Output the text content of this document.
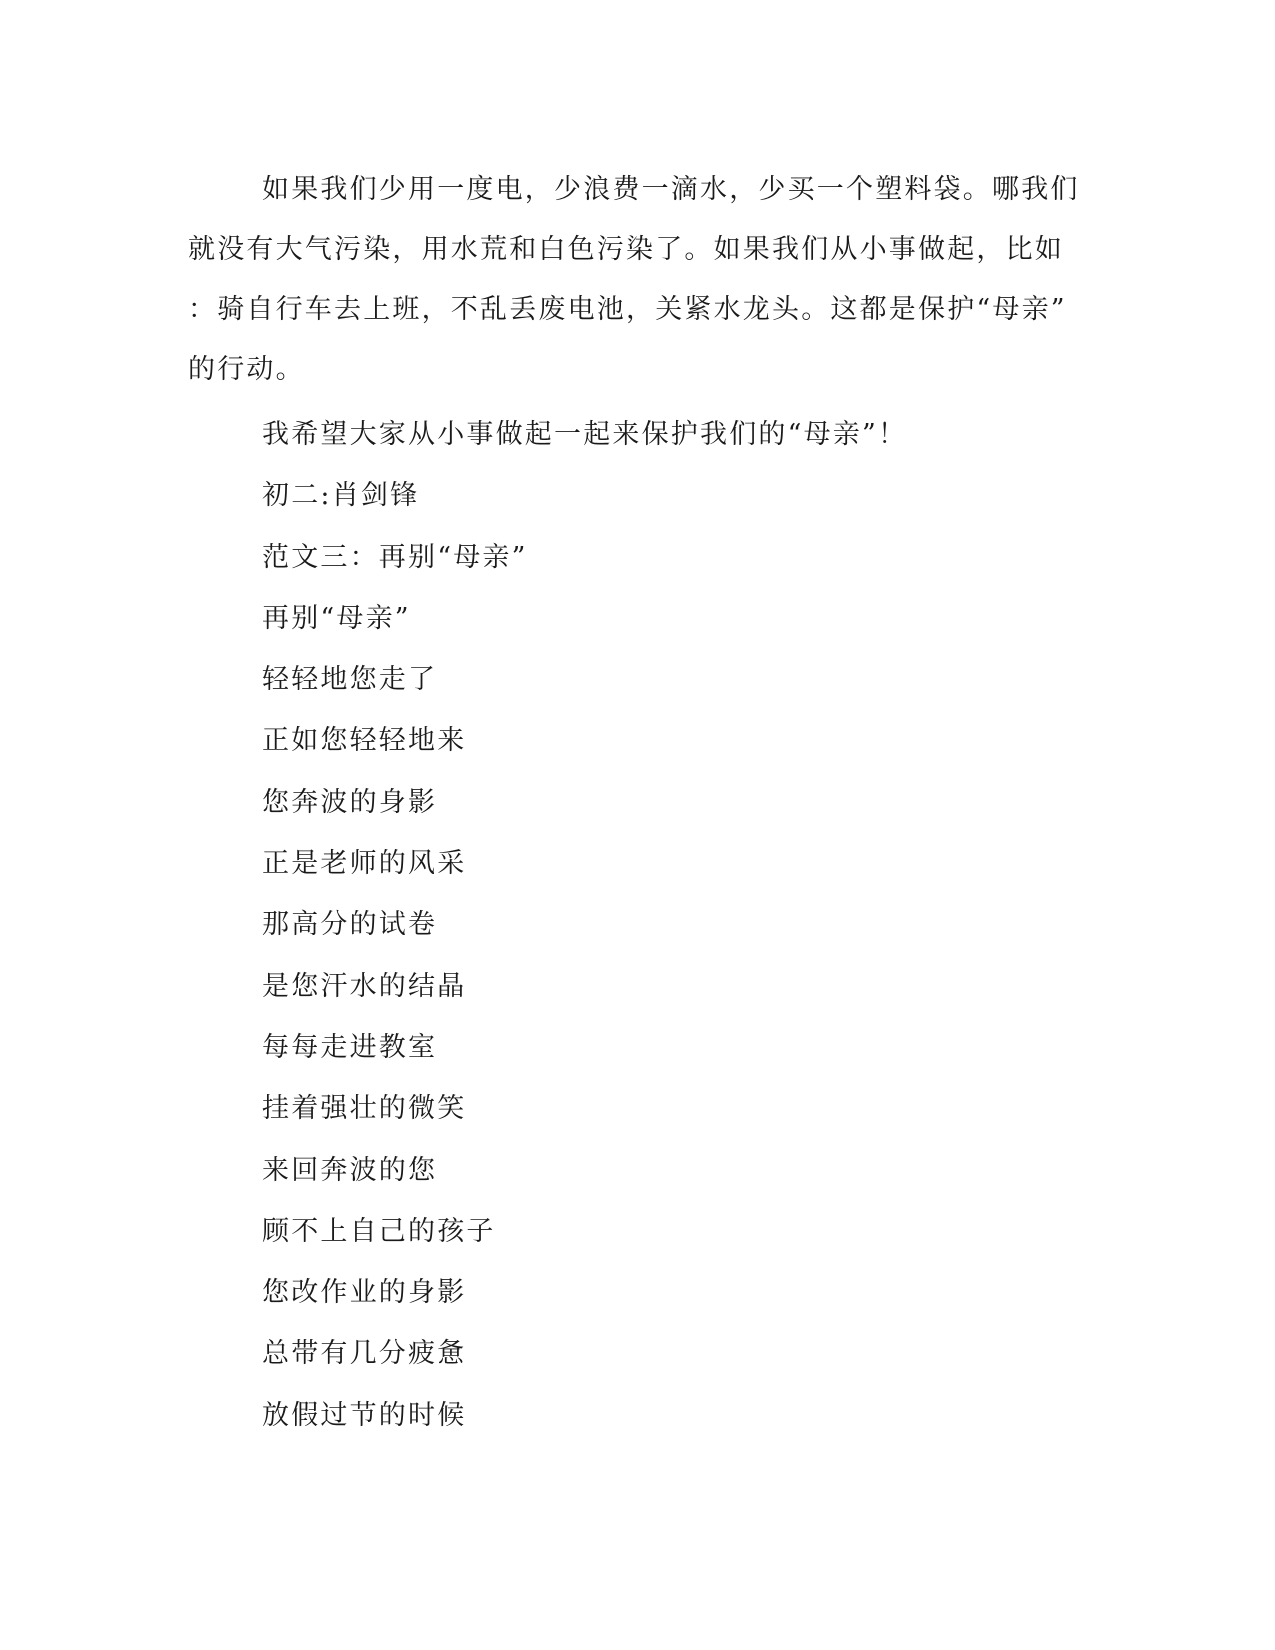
如果我们少用一度电，少浪费一滴水，少买一个塑料袋。哪我们
就没有大气污染，用水荒和白色污染了。如果我们从小事做起，比如
：骑自行车去上班，不乱丢废电池，关紧水龙头。这都是保护“母亲”
的行动。
我希望大家从小事做起一起来保护我们的“母亲”！
初二:肖剑锋
范文三：再别“母亲”
再别“母亲”
轻轻地您走了
正如您轻轻地来
您奔波的身影
正是老师的风采
那高分的试卷
是您汗水的结晶
每每走进教室
挂着强壮的微笑
来回奔波的您
顾不上自己的孩子
您改作业的身影
总带有几分疲惫
放假过节的时候
